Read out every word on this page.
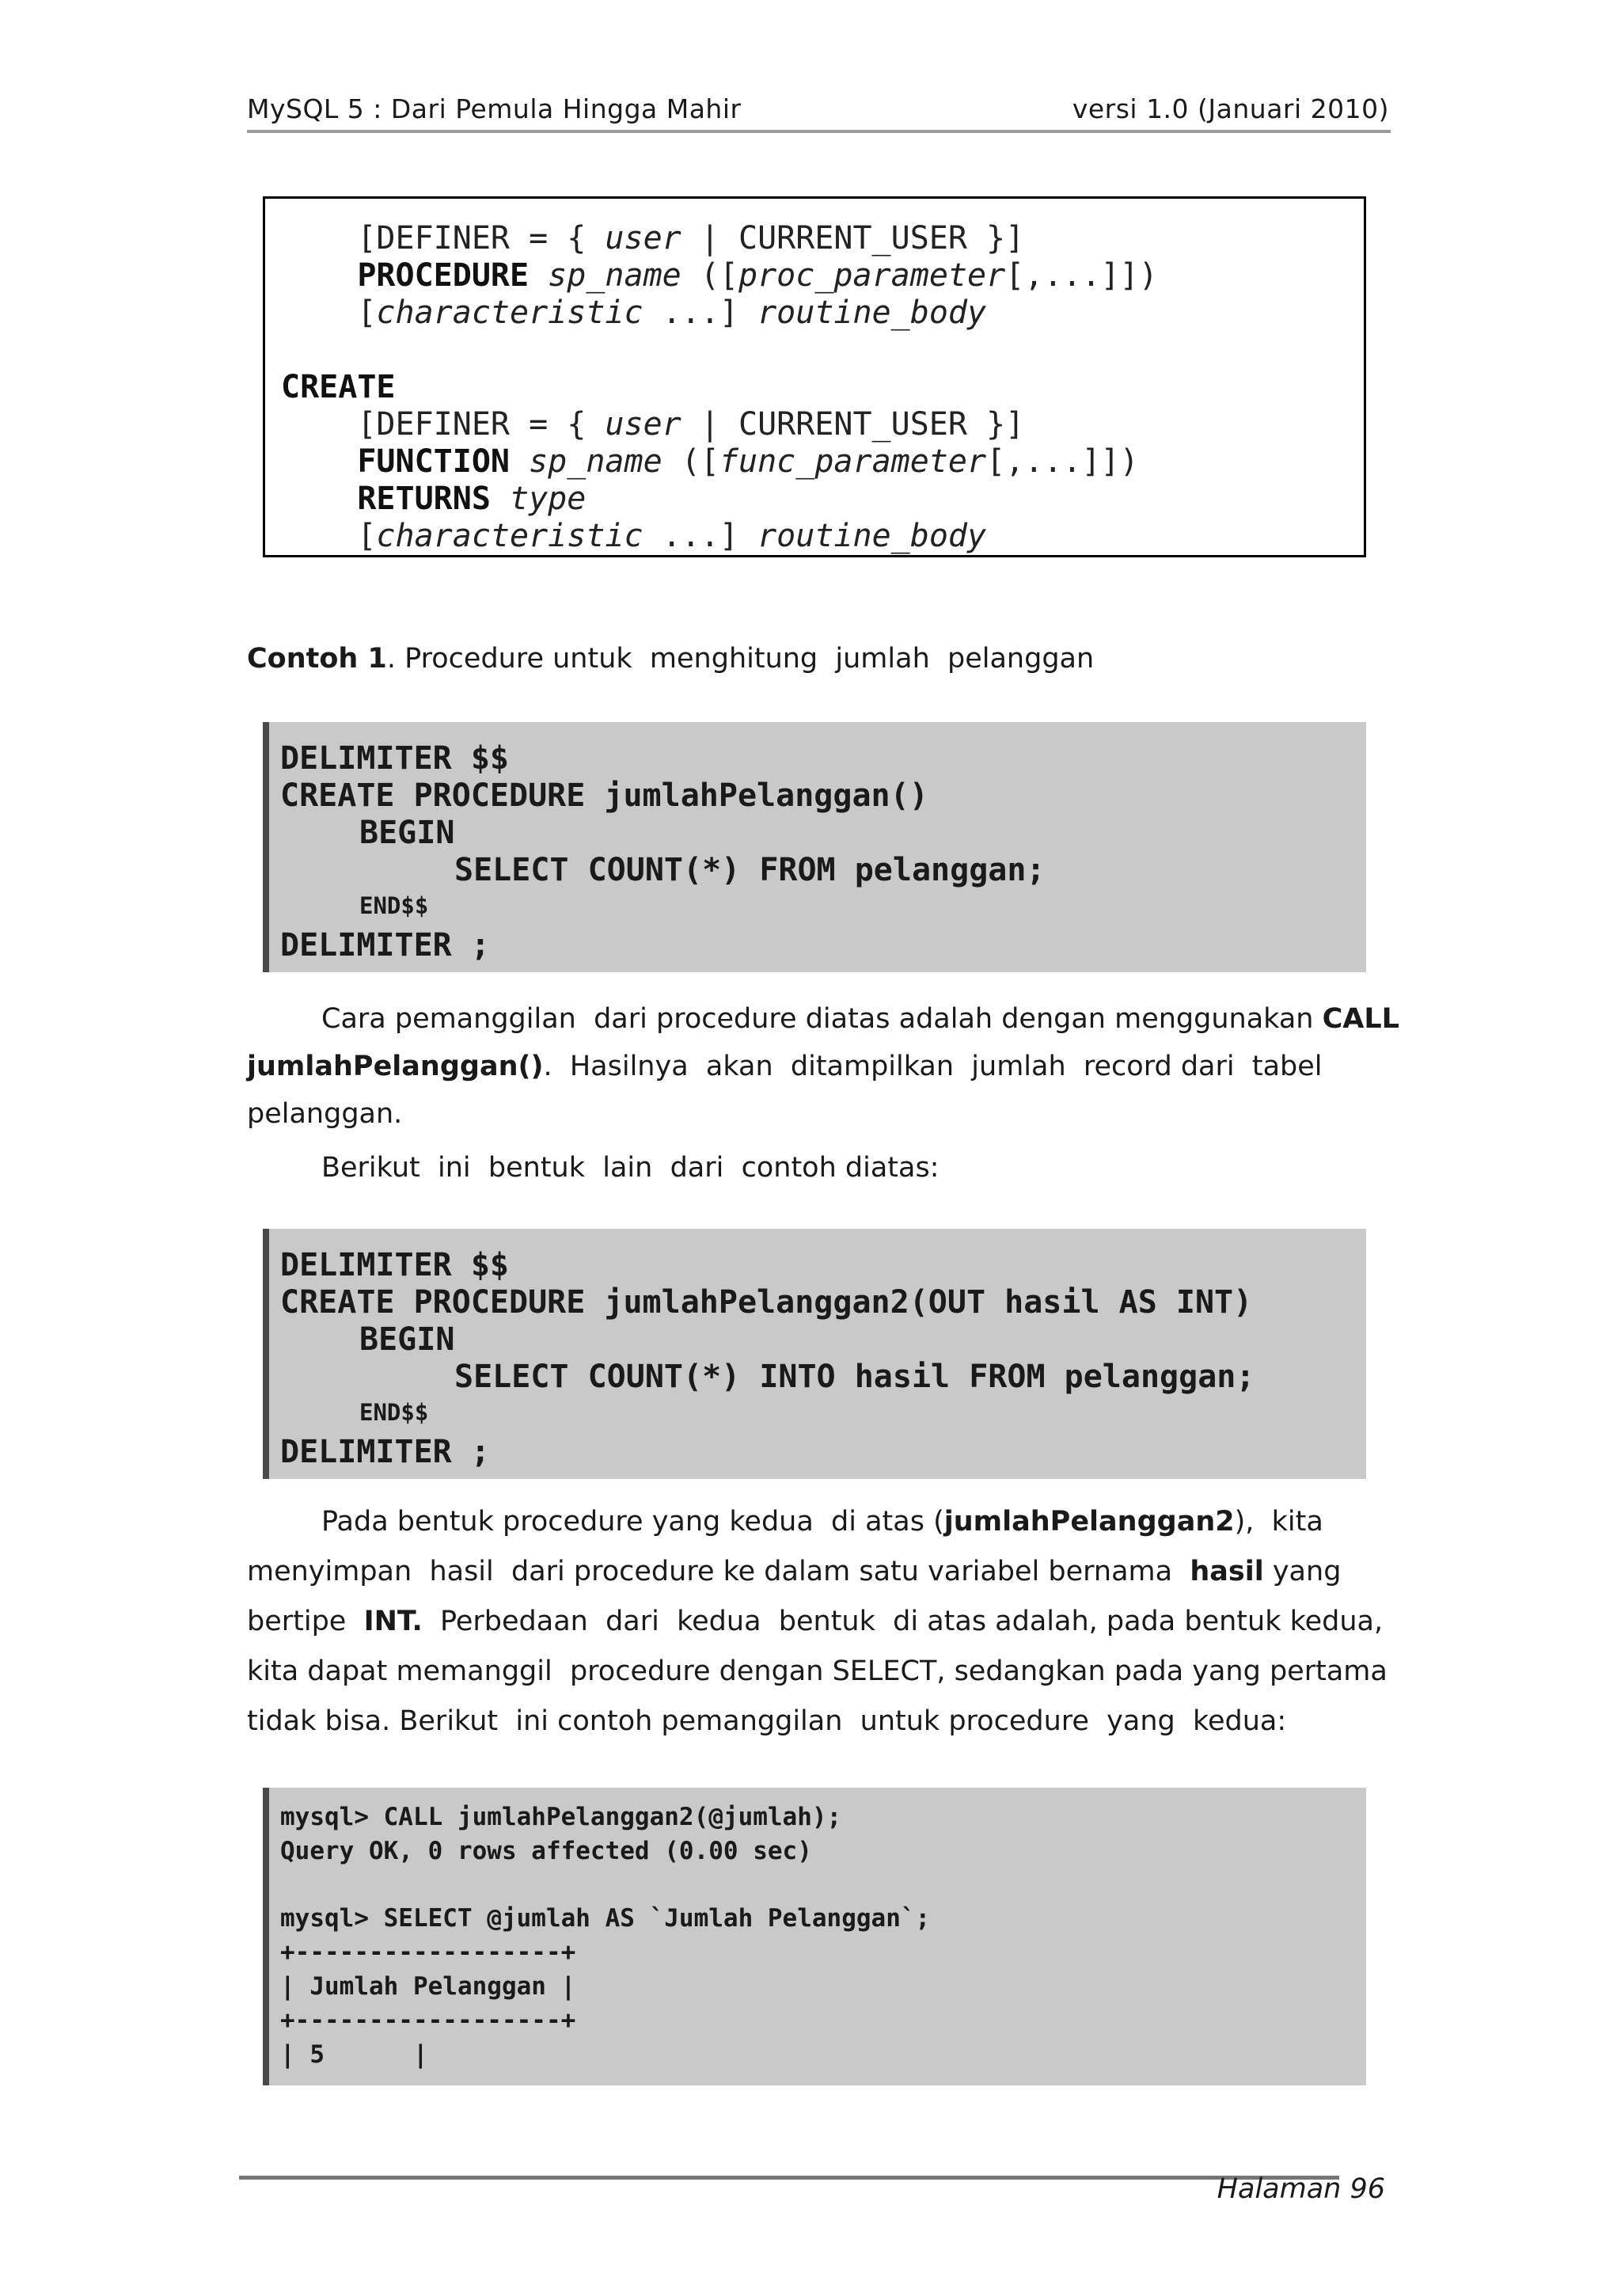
MySQL 5 : Dari Pemula Hingga Mahir	versi 1.0 (Januari 2010)
[DEFINER = { user | CURRENT_USER }]
PROCEDURE sp_name ([proc_parameter[,...]])
[characteristic ...] routine_body
CREATE
[DEFINER = { user | CURRENT_USER }]
FUNCTION sp_name ([func_parameter[,...]])
RETURNS type
[characteristic ...] routine_body
Contoh 1. Procedure untuk  menghitung  jumlah  pelanggan
DELIMITER $$
CREATE PROCEDURE jumlahPelanggan()
BEGIN
SELECT COUNT(*) FROM pelanggan;
END$$
DELIMITER ;
Cara pemanggilan  dari procedure diatas adalah dengan menggunakan CALL
jumlahPelanggan().  Hasilnya  akan  ditampilkan  jumlah  record dari  tabel
pelanggan.
Berikut  ini  bentuk  lain  dari  contoh diatas:
DELIMITER $$
CREATE PROCEDURE jumlahPelanggan2(OUT hasil AS INT)
BEGIN
SELECT COUNT(*) INTO hasil FROM pelanggan;
END$$
DELIMITER ;
Pada bentuk procedure yang kedua  di atas (jumlahPelanggan2),  kita
menyimpan  hasil  dari procedure ke dalam satu variabel bernama  hasil yang
bertipe  INT.  Perbedaan  dari  kedua  bentuk  di atas adalah, pada bentuk kedua,
kita dapat memanggil  procedure dengan SELECT, sedangkan pada yang pertama
tidak bisa. Berikut  ini contoh pemanggilan  untuk procedure  yang  kedua:
mysql> CALL jumlahPelanggan2(@jumlah);
Query OK, 0 rows affected (0.00 sec)
mysql> SELECT @jumlah AS `Jumlah Pelanggan`;
+------------------+
| Jumlah Pelanggan |
+------------------+
| 5      |
Halaman 96
